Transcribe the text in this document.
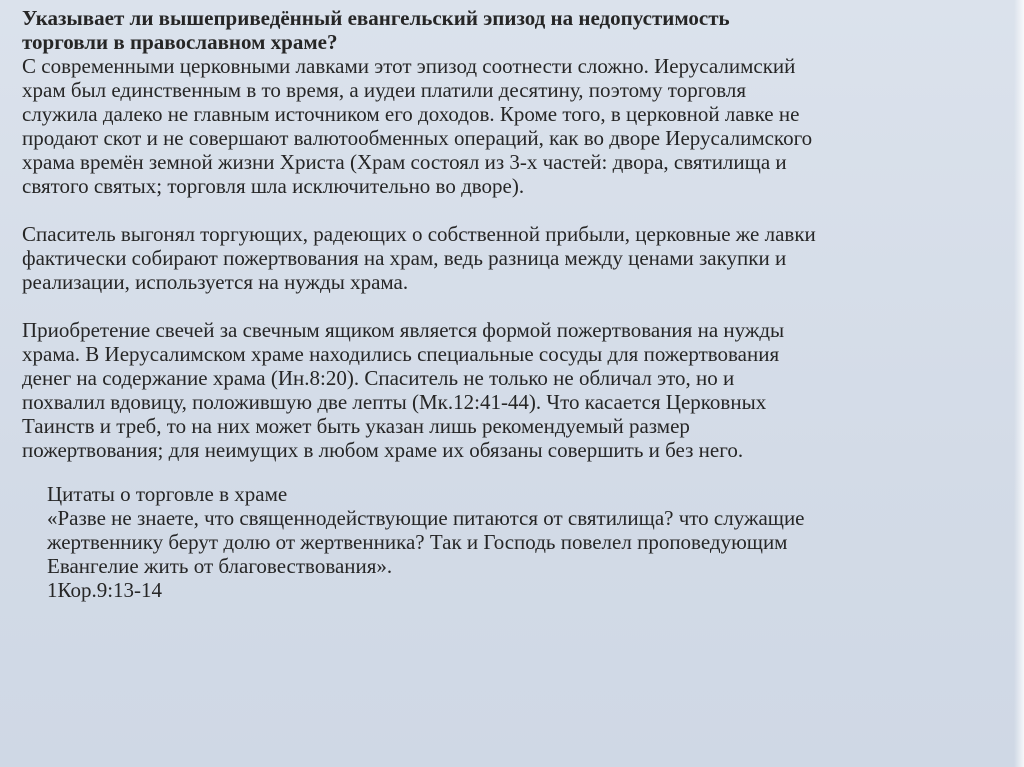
Указывает ли вышеприведённый евангельский эпизод на недопустимость
торговли в православном храме?

С современными церковными лавками этот эпизод соотнести сложно. Иерусалимский
храм был единственным в то время, а иудеи платили десятину, поэтому торговля
служила далеко не главным источником его доходов. Кроме того, в церковной лавке не
продают скот и не совершают валютообменных операций, как во дворе Иерусалимского
храма времён земной жизни Христа (Храм состоял из 3-х частей: двора, святилища и
святого святых; торговля шла исключительно во дворе).

Спаситель выгонял торгующих, радеющих о собственной прибыли, церковные же лавки
фактически собирают пожертвования на храм, ведь разница между ценами закупки и
реализации, используется на нужды храма.

Приобретение свечей за свечным ящиком является формой пожертвования на нужды
храма. В Иерусалимском храме находились специальные сосуды для пожертвования
денег на содержание храма (Ин.8:20). Спаситель не только не обличал это, но и
похвалил вдовицу, положившую две лепты (Мк.12:41-44). Что касается Церковных
Таинств и треб, то на них может быть указан лишь рекомендуемый размер
пожертвования; для неимущих в любом храме их обязаны совершить и без него.

Цитаты о торговле в храме

«Разве не знаете, что священнодействующие питаются от святилища? что служащие
жертвеннику берут долю от жертвенника? Так и Господь повелел проповедующим
Евангелие жить от благовествования».

1Кор.9:13-14
